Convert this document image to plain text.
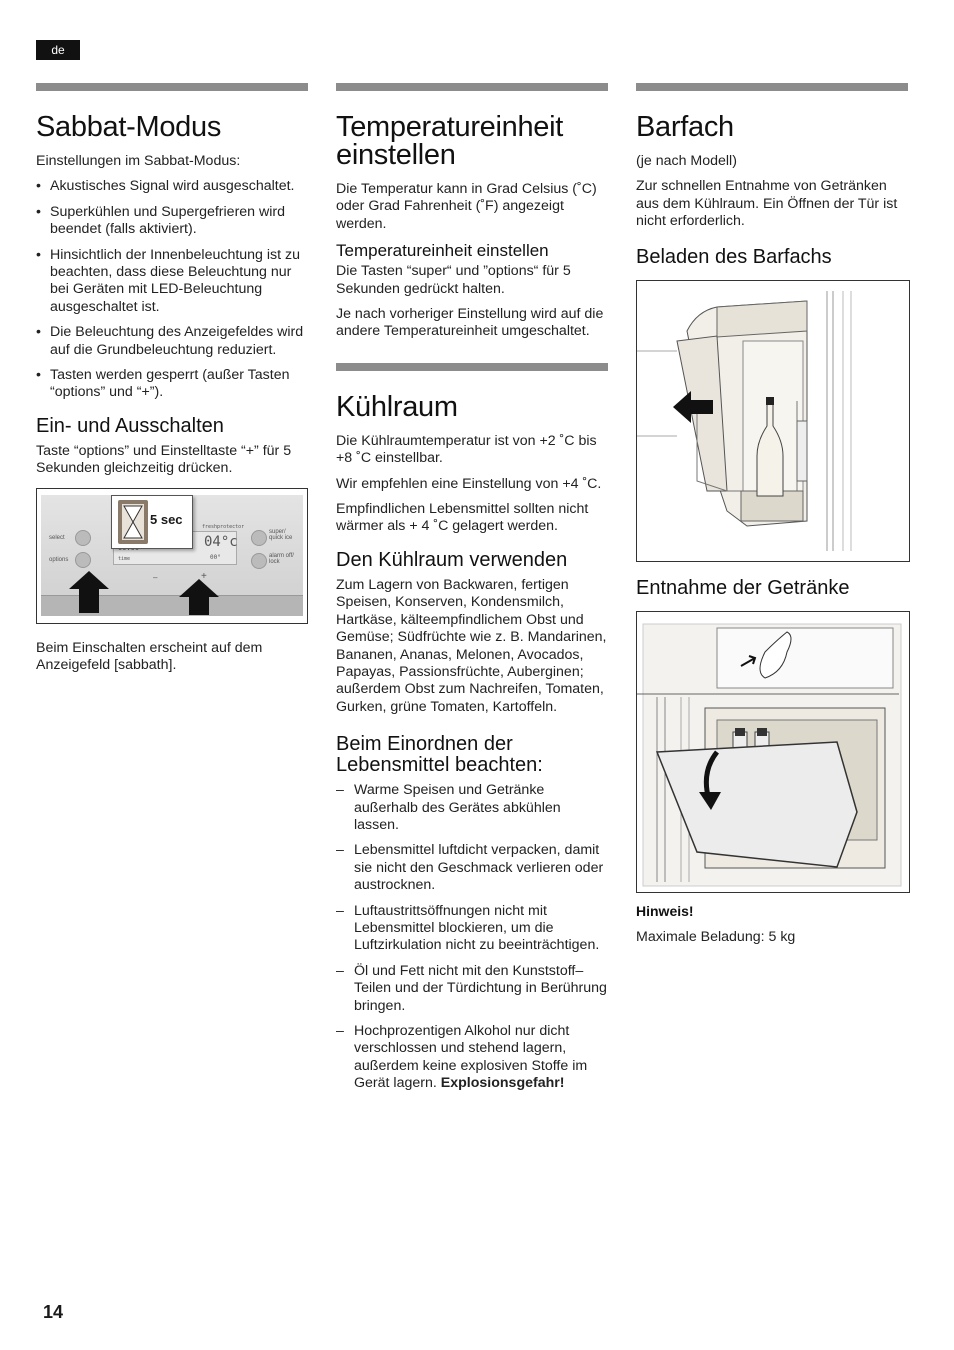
de
Sabbat-Modus

Einstellungen im Sabbat-Modus:

• Akustisches Signal wird ausgeschaltet.
• Superkühlen und Supergefrieren wird beendet (falls aktiviert).
• Hinsichtlich der Innenbeleuchtung ist zu beachten, dass diese Beleuchtung nur bei Geräten mit LED-Beleuchtung ausgeschaltet ist.
• Die Beleuchtung des Anzeigefeldes wird auf die Grundbeleuchtung reduziert.
• Tasten werden gesperrt (außer Tasten “options” und “+”).
Ein- und Ausschalten

Taste “options” und Einstelltaste “+” für 5 Sekunden gleichzeitig drücken.

select
options
04°c
00°
time
freshprotector
super/ quick ice
alarm off/ lock
–	+
5 sec

Beim Einschalten erscheint auf dem Anzeigefeld [sabbath].

Temperatureinheit einstellen

Die Temperatur kann in Grad Celsius (˚C) oder Grad Fahrenheit (˚F) angezeigt werden.

Temperatureinheit einstellen

Die Tasten “super“ und ”options“ für 5 Sekunden gedrückt halten.

Je nach vorheriger Einstellung wird auf die andere Temperatureinheit umgeschaltet.

Kühlraum

Die Kühlraumtemperatur ist von +2 ˚C bis +8 ˚C einstellbar.

Wir empfehlen eine Einstellung von +4 ˚C.

Empfindlichen Lebensmittel sollten nicht wärmer als + 4 ˚C gelagert werden.

Den Kühlraum verwenden

Zum Lagern von Backwaren, fertigen Speisen, Konserven, Kondensmilch, Hartkäse, kälteempfindlichem Obst und Gemüse; Südfrüchte wie z. B. Mandarinen, Bananen, Ananas, Melonen, Avocados, Papayas, Passionsfrüchte, Auberginen; außerdem Obst zum Nachreifen, Tomaten, Gurken, grüne Tomaten, Kartoffeln.

Beim Einordnen der Lebensmittel beachten:
– Warme Speisen und Getränke außerhalb des Gerätes abkühlen lassen.
– Lebensmittel luftdicht verpacken, damit sie nicht den Geschmack verlieren oder austrocknen.
– Luftaustrittsöffnungen nicht mit Lebensmittel blockieren, um die Luftzirkulation nicht zu beeinträchtigen.
– Öl und Fett nicht mit den Kunststoff–Teilen und der Türdichtung in Berührung bringen.
– Hochprozentigen Alkohol nur dicht verschlossen und stehend lagern, außerdem keine explosiven Stoffe im Gerät lagern. Explosionsgefahr!
Barfach

(je nach Modell)

Zur schnellen Entnahme von Getränken aus dem Kühlraum. Ein Öffnen der Tür ist nicht erforderlich.

Beladen des Barfachs
Entnahme der Getränke
Hinweis!

Maximale Beladung: 5 kg

14
